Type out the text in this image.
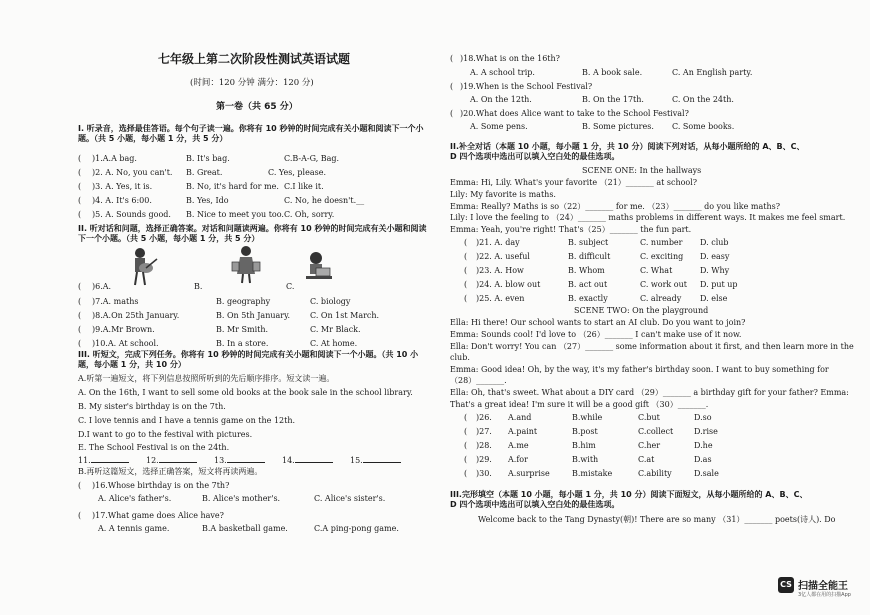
七年级上第二次阶段性测试英语试题
(时间：120 分钟 满分：120 分)
第一卷（共 65 分）
I. 听录音，选择最佳答语。每个句子读一遍。你将有 10 秒钟的时间完成有关小题和阅读下一个小题。（共 5 小题，每小题 1 分，共 5 分）
( )1.A.A bag.	B. It's bag.	C.B-A-G, Bag.
( )2. A. No, you can't. B. Great.	C. Yes, please.
( )3. A. Yes, it is.	B. No, it's hard for me. C.I like it.
( )4. A. It's 6:00.	B. Yes, Ido	C. No, he doesn't.__
( )5. A. Sounds good. B. Nice to meet you too. C. Oh, sorry.
II. 听对话和问题，选择正确答案。对话和问题读两遍。你将有 10 秒钟的时间完成有关小题和阅读下一个小题。（共 5 小题，每小题 1 分，共 5 分）
( )6.A.	B.	C.
( )7.A. maths	B. geography	C. biology
( )8.A.On 25th January.	B. On 5th January. C. On 1st March.
( )9.A.Mr Brown.	B. Mr Smith.	C. Mr Black.
( )10.A. At school.	B. In a store.	C. At home.
III. 听短文，完成下列任务。你将有 10 秒钟的时间完成有关小题和阅读下一个小题。（共 10 小题，每小题 1 分，共 10 分）
A.听第一遍短文，将下列信息按照所听到的先后顺序排序。短文读一遍。
A. On the 16th, I want to sell some old books at the book sale in the school library.
B. My sister's birthday is on the 7th.
C. I love tennis and I have a tennis game on the 12th.
D.I want to go to the festival with pictures.
E. The School Festival is on the 24th.
11.	12.	13.	14.	15.
B.再听这篇短文，选择正确答案，短文将再读两遍。
( )16.Whose birthday is on the 7th?
A. Alice's father's.	B. Alice's mother's.	C. Alice's sister's.
( )17.What game does Alice have?
A. A tennis game.	B.A basketball game.	C.A ping-pong game.
( )18.What is on the 16th?
A. A school trip.	B. A book sale.	C. An English party.
( )19.When is the School Festival?
A. On the 12th.	B. On the 17th.	C. On the 24th.
( )20.What does Alice want to take to the School Festival?
A. Some pens.	B. Some pictures. C. Some books.
II.补全对话（本题 10 小题，每小题 1 分，共 10 分）阅读下列对话，从每小题所给的 A、B、C、D 四个选项中选出可以填入空白处的最佳选项。
SCENE ONE: In the hallways
Emma: Hi, Lily. What's your favorite （21）_______ at school?
Lily: My favorite is maths.
Emma: Really? Maths is so（22）_______ for me. （23）_______ do you like maths?
Lily: I love the feeling to （24）_______ maths problems in different ways. It makes me feel smart.
Emma: Yeah, you're right! That's（25）_______ the fun part.
( )21. A. day	B. subject	C. number D. club
( )22. A. useful	B. difficult	C. exciting D. easy
( )23. A. How	B. Whom	C. What	D. Why
( )24. A. blow out	B. act out	C. work out D. put up
( )25. A. even	B. exactly	C. already D. else
SCENE TWO: On the playground
Ella: Hi there! Our school wants to start an AI club. Do you want to join?
Emma: Sounds cool! I'd love to （26）_______ I can't make use of it now.
Ella: Don't worry! You can （27）_______ some information about it first, and then learn more in the
club.
Emma: Good idea! Oh, by the way, it's my father's birthday soon. I want to buy something for
（28）_______.
Ella: Oh, that's sweet. What about a DIY card （29）_______ a birthday gift for your father? Emma:
That's a great idea! I'm sure it will be a good gift （30）_______.
( )26. A.and	B.while	C.but	D.so
( )27. A.paint	B.post	C.collect	D.rise
( )28. A.me	B.him	C.her	D.he
( )29. A.for	B.with	C.at	D.as
( )30. A.surprise	B.mistake	C.ability	D.sale
III.完形填空（本题 10 小题，每小题 1 分，共 10 分）阅读下面短文，从每小题所给的 A、B、C、D 四个选项中选出可以填入空白处的最佳选项。
Welcome back to the Tang Dynasty(朝)! There are so many （31）_______ poets(诗人). Do
CS 扫描全能王
3亿人都在用的扫描App
